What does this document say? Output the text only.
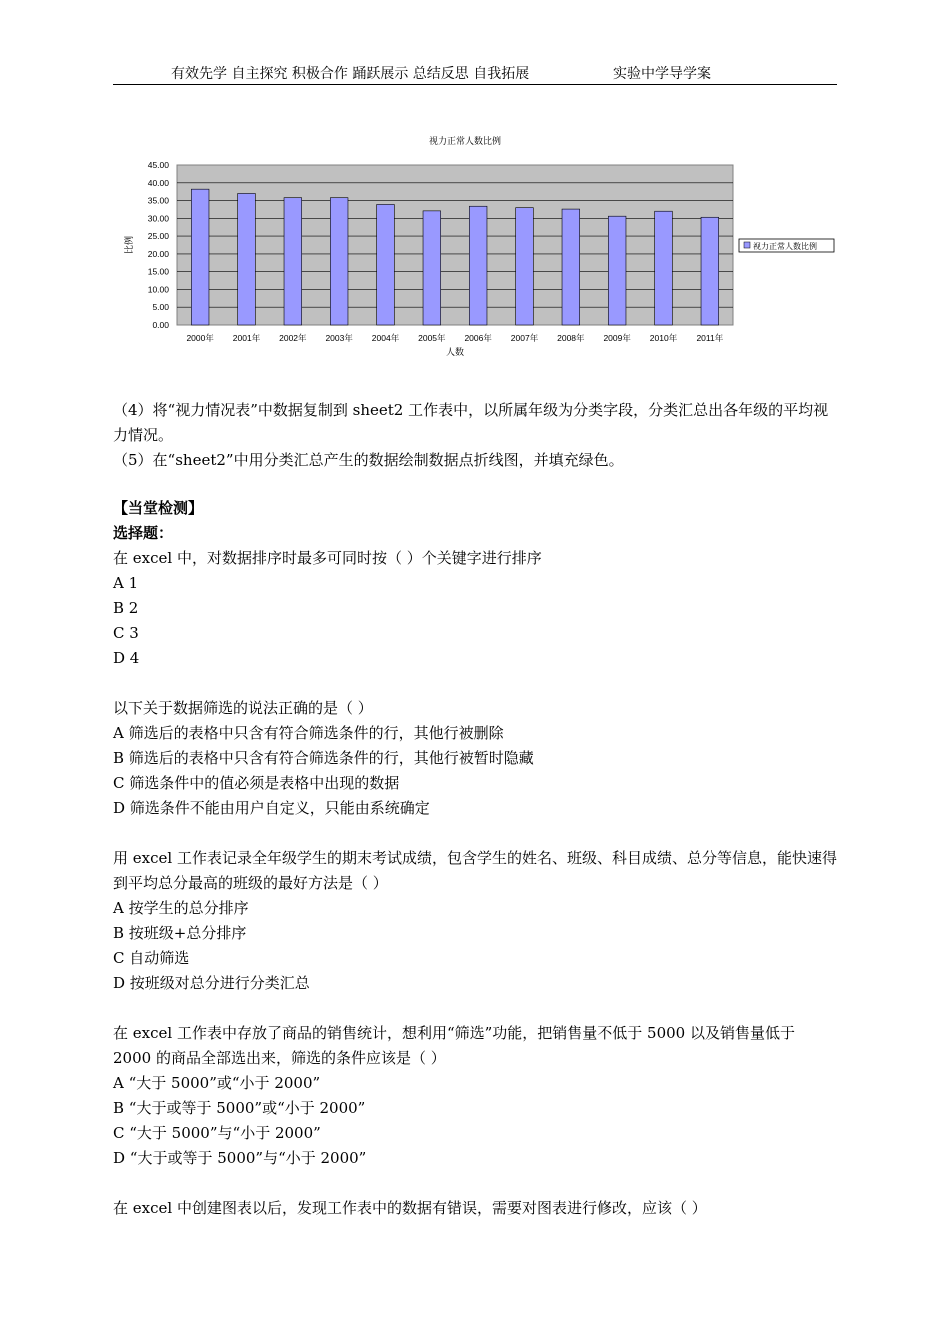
有效先学 自主探究 积极合作 踊跃展示 总结反思 自我拓展	实验中学导学案
视力正常人数比例
0.00
5.00
10.00
15.00
20.00
25.00
30.00
35.00
40.00
45.00
2000年 2001年 2002年 2003年 2004年 2005年 2006年 2007年 2008年 2009年 2010年 2011年
人数
比例	视力正常人数比例

（4）将“视力情况表”中数据复制到 sheet2 工作表中，以所属年级为分类字段，分类汇总出各年级的平均视力情况。

（5）在“sheet2”中用分类汇总产生的数据绘制数据点折线图，并填充绿色。

【当堂检测】

选择题：

在 excel 中，对数据排序时最多可同时按（ ）个关键字进行排序

A 1

B 2

C 3

D 4

以下关于数据筛选的说法正确的是（ ）

A 筛选后的表格中只含有符合筛选条件的行，其他行被删除

B 筛选后的表格中只含有符合筛选条件的行，其他行被暂时隐藏

C 筛选条件中的值必须是表格中出现的数据

D 筛选条件不能由用户自定义，只能由系统确定

用 excel 工作表记录全年级学生的期末考试成绩，包含学生的姓名、班级、科目成绩、总分等信息，能快速得到平均总分最高的班级的最好方法是（ ）

A 按学生的总分排序

B 按班级+总分排序

C 自动筛选

D 按班级对总分进行分类汇总

在 excel 工作表中存放了商品的销售统计，想利用“筛选”功能，把销售量不低于 5000 以及销售量低于 2000 的商品全部选出来，筛选的条件应该是（ ）

A “大于 5000”或“小于 2000”

B “大于或等于 5000”或“小于 2000”

C “大于 5000”与“小于 2000”

D “大于或等于 5000”与“小于 2000”

在 excel 中创建图表以后，发现工作表中的数据有错误，需要对图表进行修改，应该（ ）
